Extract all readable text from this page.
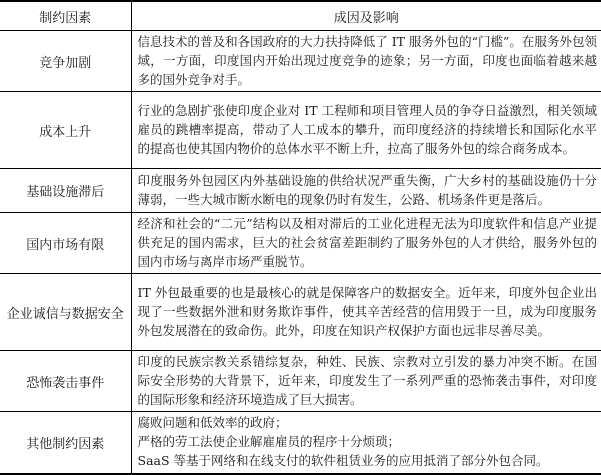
制约因素	成因及影响
竞争加剧	信息技术的普及和各国政府的大力扶持降低了 IT 服务外包的“门槛”。在服务外包领域，一方面，印度国内开始出现过度竞争的迹象；另一方面，印度也面临着越来越多的国外竞争对手。
成本上升	行业的急剧扩张使印度企业对 IT 工程师和项目管理人员的争夺日益激烈，相关领域雇员的跳槽率提高，带动了人工成本的攀升，而印度经济的持续增长和国际化水平的提高也使其国内物价的总体水平不断上升，拉高了服务外包的综合商务成本。
基础设施滞后	印度服务外包园区内外基础设施的供给状况严重失衡，广大乡村的基础设施仍十分薄弱，一些大城市断水断电的现象仍时有发生，公路、机场条件更是落后。
国内市场有限	经济和社会的“二元”结构以及相对滞后的工业化进程无法为印度软件和信息产业提供充足的国内需求，巨大的社会贫富差距制约了服务外包的人才供给，服务外包的国内市场与离岸市场严重脱节。
企业诚信与数据安全	IT 外包最重要的也是最核心的就是保障客户的数据安全。近年来，印度外包企业出现了一些数据外泄和财务欺诈事件，使其辛苦经营的信用毁于一旦，成为印度服务外包发展潜在的致命伤。此外，印度在知识产权保护方面也远非尽善尽美。
恐怖袭击事件	印度的民族宗教关系错综复杂，种姓、民族、宗教对立引发的暴力冲突不断。在国际安全形势的大背景下，近年来，印度发生了一系列严重的恐怖袭击事件，对印度的国际形象和经济环境造成了巨大损害。
其他制约因素	腐败问题和低效率的政府；
严格的劳工法使企业解雇雇员的程序十分烦琐；
SaaS 等基于网络和在线支付的软件租赁业务的应用抵消了部分外包合同。
